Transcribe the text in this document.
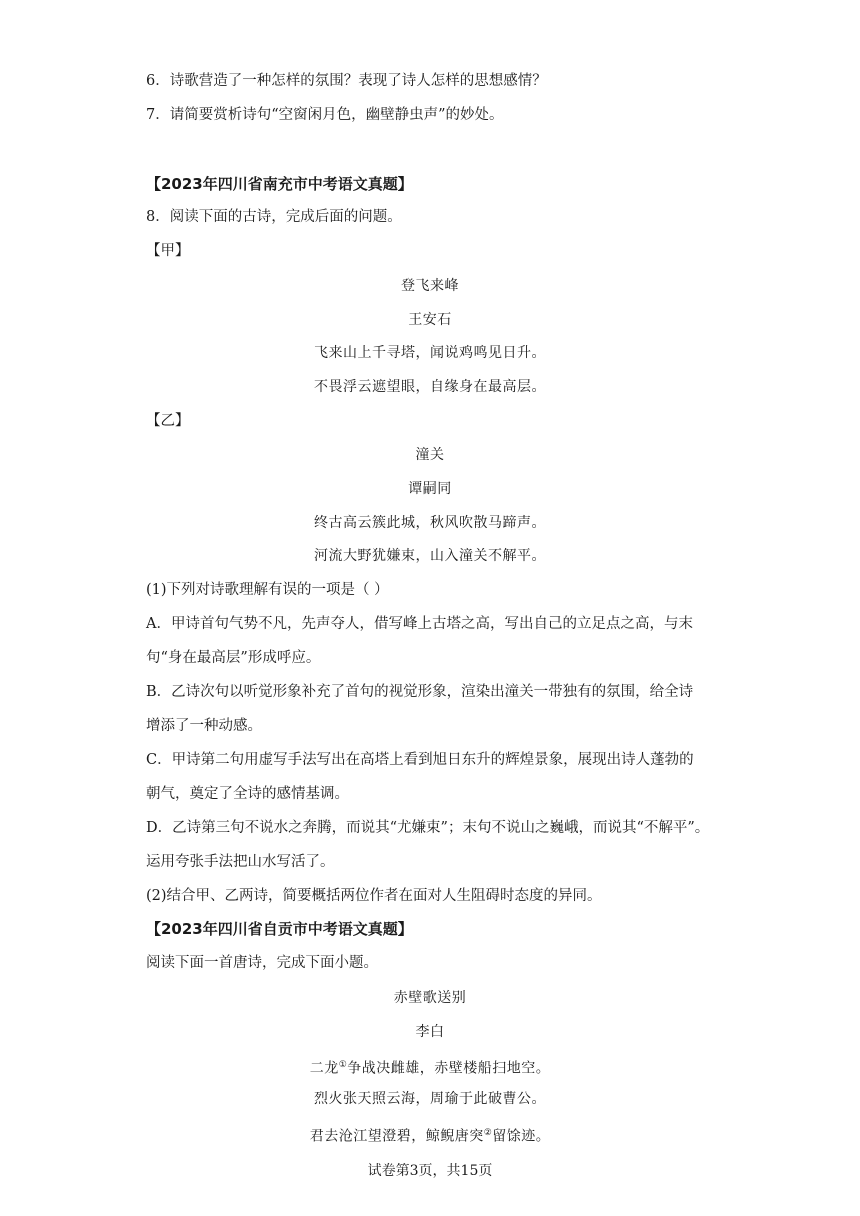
6．诗歌营造了一种怎样的氛围？表现了诗人怎样的思想感情？
7．请简要赏析诗句“空窗闲月色，幽壁静虫声”的妙处。
【2023年四川省南充市中考语文真题】
8．阅读下面的古诗，完成后面的问题。
【甲】
登飞来峰
王安石
飞来山上千寻塔，闻说鸡鸣见日升。
不畏浮云遮望眼，自缘身在最高层。
【乙】
潼关
谭嗣同
终古高云簇此城，秋风吹散马蹄声。
河流大野犹嫌束，山入潼关不解平。
(1)下列对诗歌理解有误的一项是（ ）
A．甲诗首句气势不凡，先声夺人，借写峰上古塔之高，写出自己的立足点之高，与末
句“身在最高层”形成呼应。
B．乙诗次句以听觉形象补充了首句的视觉形象，渲染出潼关一带独有的氛围，给全诗
增添了一种动感。
C．甲诗第二句用虚写手法写出在高塔上看到旭日东升的辉煌景象，展现出诗人蓬勃的
朝气，奠定了全诗的感情基调。
D．乙诗第三句不说水之奔腾，而说其“尤嫌束”；末句不说山之巍峨，而说其“不解平”。
运用夸张手法把山水写活了。
(2)结合甲、乙两诗，简要概括两位作者在面对人生阻碍时态度的异同。
【2023年四川省自贡市中考语文真题】
阅读下面一首唐诗，完成下面小题。
赤壁歌送别
李白
二龙①争战决雌雄，赤壁楼船扫地空。
烈火张天照云海，周瑜于此破曹公。
君去沧江望澄碧，鲸鲵唐突②留馀迹。
试卷第3页，共15页
